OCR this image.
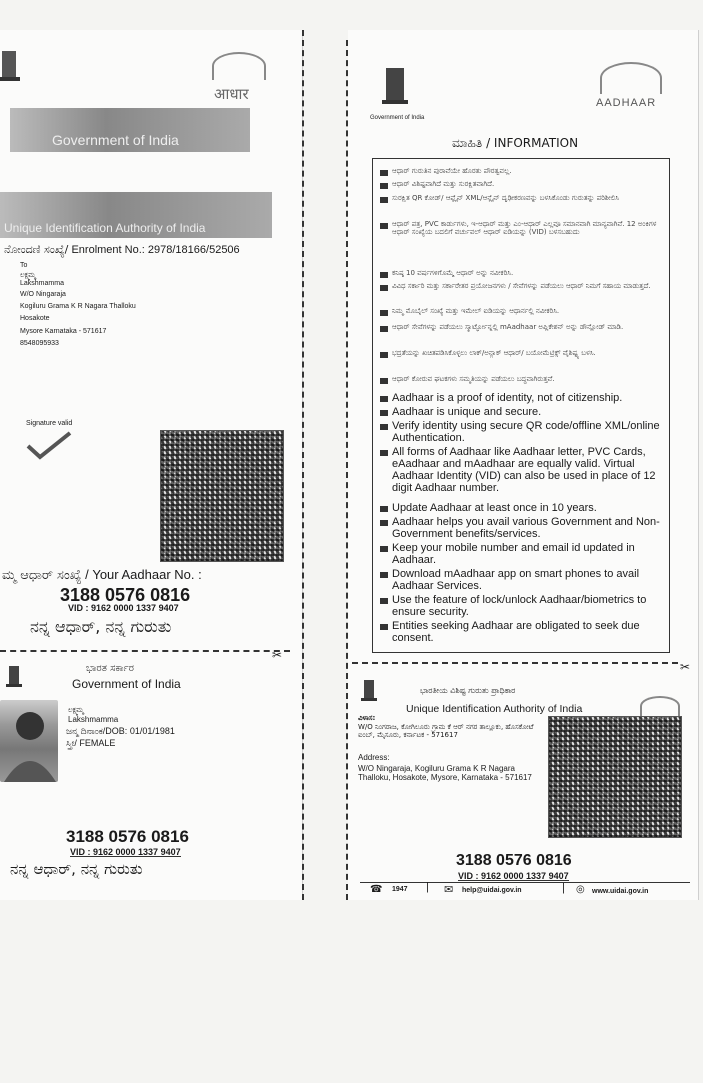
आधार
Government of India
Unique Identification Authority of India
ನೋಂದಣಿ ಸಂಖ್ಯೆ/ Enrolment No.: 2978/18166/52506
To
ಲಕ್ಷ್ಮಮ್ಮ
Lakshmamma
W/O Ningaraja
Kogiluru Grama K R Nagara Thalloku
Hosakote
Mysore Karnataka - 571617
8548095933
Signature valid
ಮ್ಮ ಆಧಾರ್ ಸಂಖ್ಯೆ / Your Aadhaar No. :
3188 0576 0816
VID : 9162 0000 1337 9407
ನನ್ನ ಆಧಾರ್, ನನ್ನ ಗುರುತು
✂
ಭಾರತ ಸರ್ಕಾರ
Government of India
ಲಕ್ಷ್ಮಮ್ಮ
Lakshmamma
ಜನ್ಮ ದಿನಾಂಕ/DOB: 01/01/1981
ಸ್ತ್ರೀ/ FEMALE
3188 0576 0816
VID : 9162 0000 1337 9407
ನನ್ನ ಆಧಾರ್, ನನ್ನ ಗುರುತು
Government of India
AADHAAR
ಮಾಹಿತಿ / INFORMATION
ಆಧಾರ್ ಗುರುತಿನ ಪುರಾವೆಯೇ ಹೊರತು ಪೌರತ್ವವಲ್ಲ.
ಆಧಾರ್ ವಿಶಿಷ್ಟವಾಗಿದೆ ಮತ್ತು ಸುರಕ್ಷಿತವಾಗಿದೆ.
ಸುರಕ್ಷಿತ QR ಕೋಡ್/ ಆಫ್ಲೈನ್ XML/ಆನ್ಲೈನ್ ದೃಢೀಕರಣವನ್ನು ಬಳಸಿಕೊಂಡು ಗುರುತನ್ನು ಪರಿಶೀಲಿಸಿ
ಆಧಾರ್ ಪತ್ರ, PVC ಕಾರ್ಡುಗಳು, ಇ-ಆಧಾರ್ ಮತ್ತು ಎಂ-ಆಧಾರ್ ಎಲ್ಲವೂ ಸಮಾನವಾಗಿ ಮಾನ್ಯವಾಗಿವೆ. 12 ಅಂಕಿಗಳ ಆಧಾರ್ ಸಂಖ್ಯೆಯ ಬದಲಿಗೆ ವರ್ಚುವಲ್ ಆಧಾರ್ ಐಡಿಯನ್ನು (VID) ಬಳಸಬಹುದು
ಕನಿಷ್ಠ 10 ವರ್ಷಗಳಿಗೊಮ್ಮೆ ಆಧಾರ್ ಅನ್ನು ನವೀಕರಿಸಿ.
ವಿವಿಧ ಸರ್ಕಾರಿ ಮತ್ತು ಸರ್ಕಾರೇತರ ಪ್ರಯೋಜನಗಳು / ಸೇವೆಗಳನ್ನು ಪಡೆಯಲು ಆಧಾರ್ ನಿಮಗೆ ಸಹಾಯ ಮಾಡುತ್ತದೆ.
ನಿಮ್ಮ ಮೊಬೈಲ್ ಸಂಖ್ಯೆ ಮತ್ತು ಇಮೇಲ್ ಐಡಿಯನ್ನು ಆಧಾರ್ನಲ್ಲಿ ನವೀಕರಿಸಿ.
ಆಧಾರ್ ಸೇವೆಗಳನ್ನು ಪಡೆಯಲು ಸ್ಮಾರ್ಟ್ಫೋನ್ನಲ್ಲಿ mAadhaar ಅಪ್ಲಿಕೇಶನ್ ಅನ್ನು ಡೌನ್ಲೋಡ್ ಮಾಡಿ.
ಭದ್ರತೆಯನ್ನು ಖಚಿತಪಡಿಸಿಕೊಳ್ಳಲು ಲಾಕ್/ಅನ್ಲಾಕ್ ಆಧಾರ್/ ಬಯೋಮೆಟ್ರಿಕ್ಸ್ ವೈಶಿಷ್ಟ್ಯ ಬಳಸಿ.
ಆಧಾರ್ ಕೋರುವ ಘಟಕಗಳು ಸಮ್ಮತಿಯನ್ನು ಪಡೆಯಲು ಬದ್ಧವಾಗಿರುತ್ತವೆ.
Aadhaar is a proof of identity, not of citizenship.
Aadhaar is unique and secure.
Verify identity using secure QR code/offline XML/online Authentication.
All forms of Aadhaar like Aadhaar letter, PVC Cards, eAadhaar and mAadhaar are equally valid. Virtual Aadhaar Identity (VID) can also be used in place of 12 digit Aadhaar number.
Update Aadhaar at least once in 10 years.
Aadhaar helps you avail various Government and Non- Government benefits/services.
Keep your mobile number and email id updated in Aadhaar.
Download mAadhaar app on smart phones to avail Aadhaar Services.
Use the feature of lock/unlock Aadhaar/biometrics to ensure security.
Entities seeking Aadhaar are obligated to seek due consent.
✂
ಭಾರತೀಯ ವಿಶಿಷ್ಟ ಗುರುತು ಪ್ರಾಧಿಕಾರ
Unique Identification Authority of India
ವಿಳಾಸ:
W/O ನಿಂಗರಾಜ, ಕೋಗಿಲೂರು ಗ್ರಾಮ ಕೆ ಆರ್ ನಗರ ತಾಲ್ಲೂಕು, ಹೊಸಕೋಟೆ ಐಂಬ್, ಮೈಸೂರು, ಕರ್ನಾಟಕ - 571617
Address:
W/O Ningaraja, Kogiluru Grama K R Nagara Thalloku, Hosakote, Mysore, Karnataka - 571617
3188 0576 0816
VID : 9162 0000 1337 9407
☎ 1947 | ✉ help@uidai.gov.in	| ◎ www.uidai.gov.in
